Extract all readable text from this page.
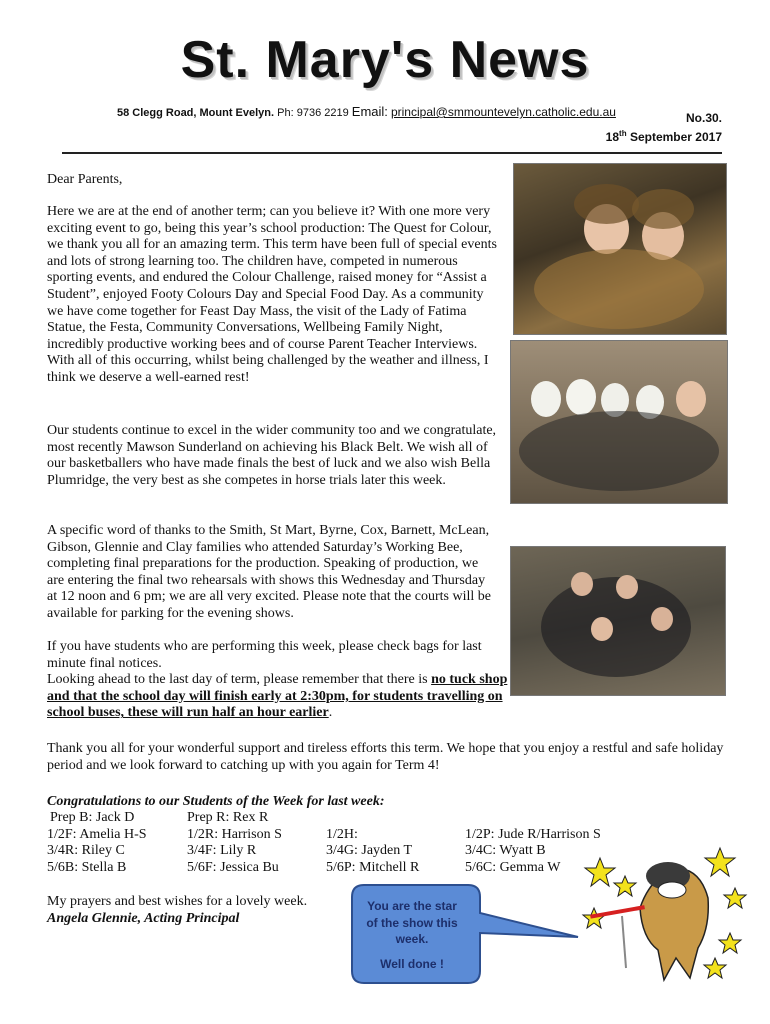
St. Mary's News
58 Clegg Road, Mount Evelyn. Ph: 9736 2219 Email: principal@smmountevelyn.catholic.edu.au	No.30.
18th September 2017
Dear Parents,
Here we are at the end of another term; can you believe it? With one more very exciting event to go, being this year’s school production: The Quest for Colour, we thank you all for an amazing term. This term have been full of special events and lots of strong learning too. The children have, competed in numerous sporting events, and endured the Colour Challenge, raised money for “Assist a Student”, enjoyed Footy Colours Day and Special Food Day. As a community we have come together for Feast Day Mass, the visit of the Lady of Fatima Statue, the Festa, Community Conversations, Wellbeing Family Night, incredibly productive working bees and of course Parent Teacher Interviews. With all of this occurring, whilst being challenged by the weather and illness, I think we deserve a well-earned rest!
Our students continue to excel in the wider community too and we congratulate, most recently Mawson Sunderland on achieving his Black Belt. We wish all of our basketballers who have made finals the best of luck and we also wish Bella Plumridge, the very best as she competes in horse trials later this week.
A specific word of thanks to the Smith, St Mart, Byrne, Cox, Barnett, McLean, Gibson, Glennie and Clay families who attended Saturday’s Working Bee, completing final preparations for the production. Speaking of production, we are entering the final two rehearsals with shows this Wednesday and Thursday at 12 noon and 6 pm; we are all very excited. Please note that the courts will be available for parking for the evening shows.
If you have students who are performing this week, please check bags for last minute final notices.
Looking ahead to the last day of term, please remember that there is no tuck shop and that the school day will finish early at 2:30pm, for students travelling on school buses, these will run half an hour earlier.
Thank you all for your wonderful support and tireless efforts this term. We hope that you enjoy a restful and safe holiday period and we look forward to catching up with you again for Term 4!
Congratulations to our Students of the Week for last week:
Prep B: Jack D	Prep R: Rex R
1/2F: Amelia H-S	1/2R: Harrison S	1/2H:	1/2P: Jude R/Harrison S
3/4R: Riley C	3/4F: Lily R	3/4G: Jayden T	3/4C: Wyatt B
5/6B: Stella B	5/6F: Jessica Bu	5/6P: Mitchell R	5/6C: Gemma W
My prayers and best wishes for a lovely week.
Angela Glennie, Acting Principal
You are the star
of the show this
week.
Well done !
